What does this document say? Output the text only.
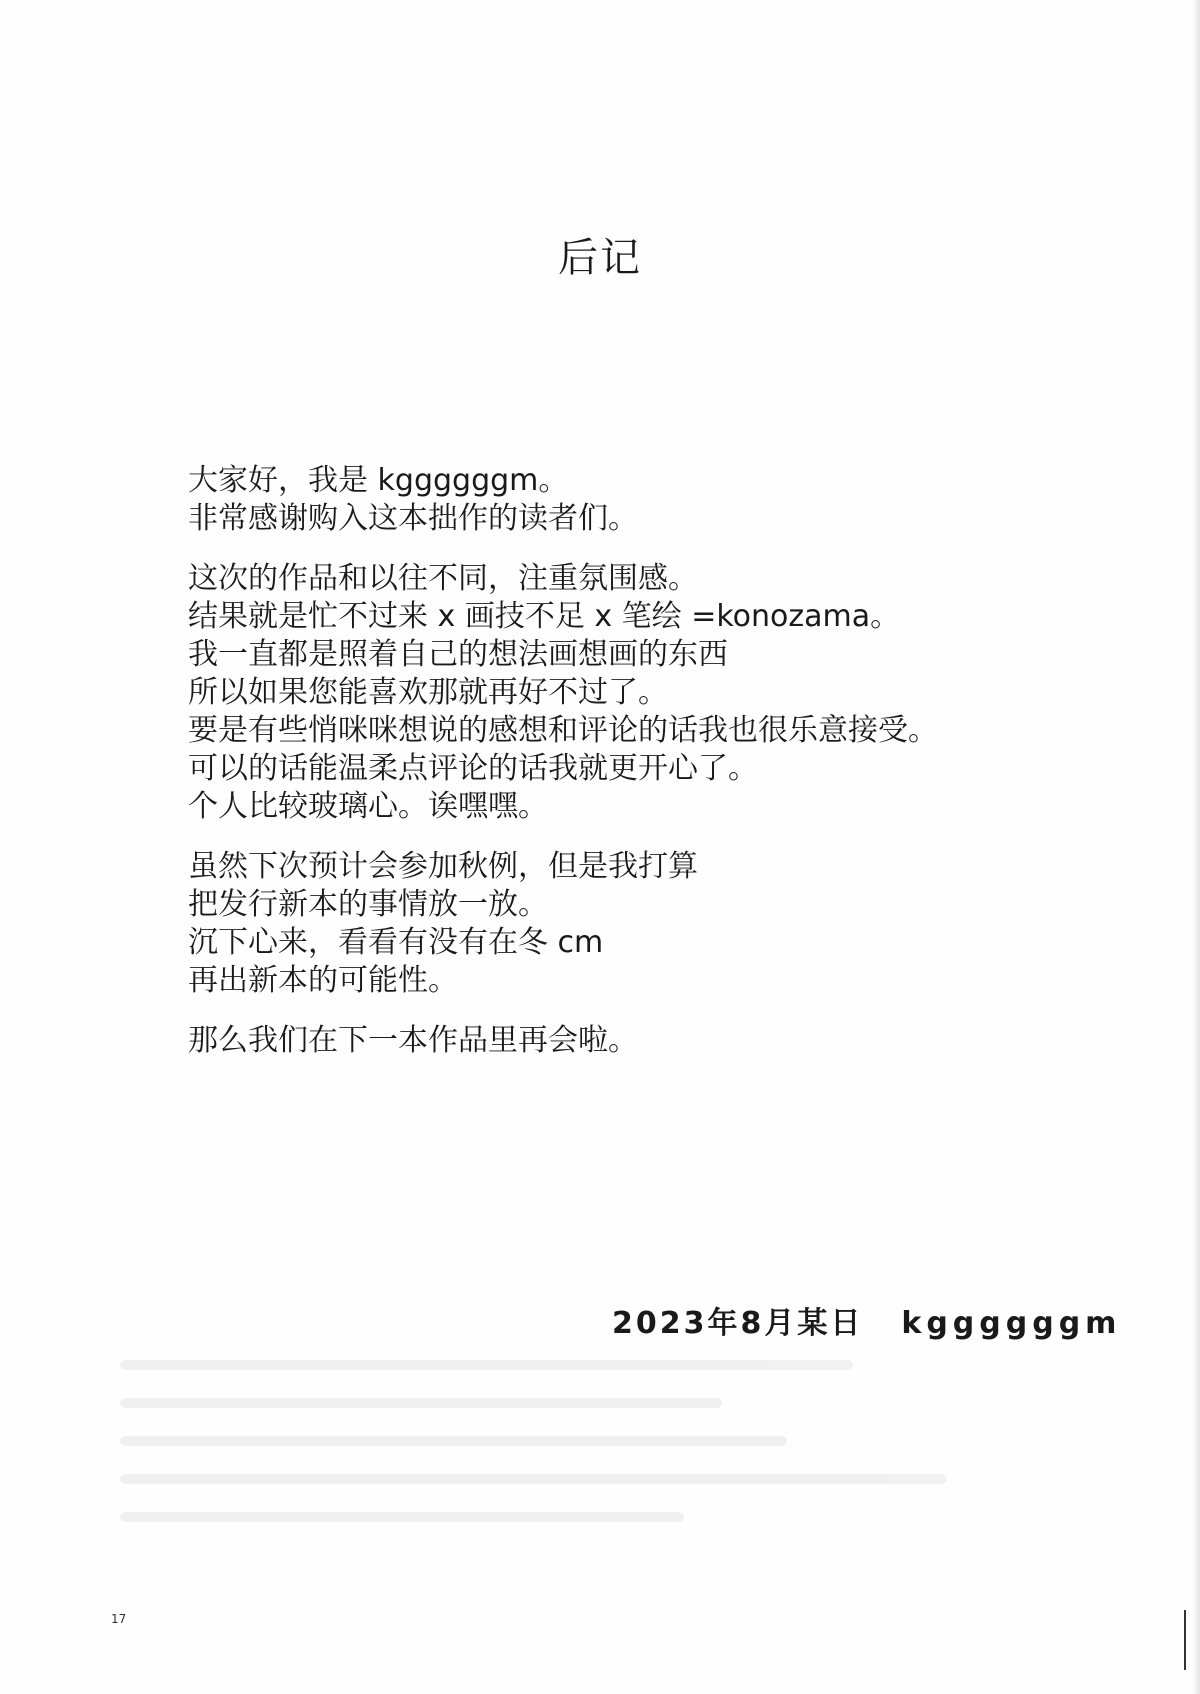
后记

大家好，我是 kggggggm。
非常感谢购入这本拙作的读者们。

这次的作品和以往不同，注重氛围感。
结果就是忙不过来 x 画技不足 x 笔绘 =konozama。
我一直都是照着自己的想法画想画的东西
所以如果您能喜欢那就再好不过了。
要是有些悄咪咪想说的感想和评论的话我也很乐意接受。
可以的话能温柔点评论的话我就更开心了。
个人比较玻璃心。诶嘿嘿。

虽然下次预计会参加秋例，但是我打算
把发行新本的事情放一放。
沉下心来，看看有没有在冬 cm
再出新本的可能性。

那么我们在下一本作品里再会啦。

2023年8月某日 kggggggm
17
